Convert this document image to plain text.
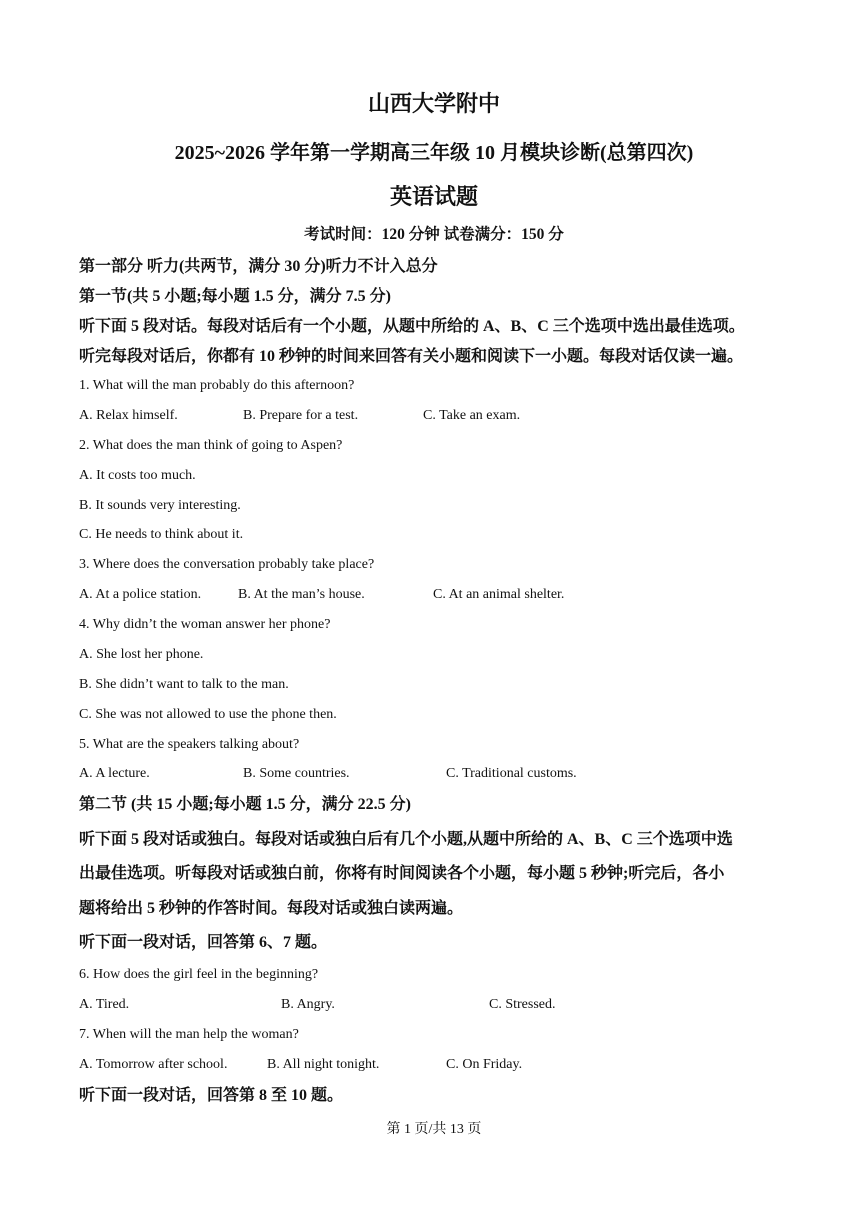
山西大学附中
2025~2026 学年第一学期高三年级 10 月模块诊断(总第四次)
英语试题
考试时间：120 分钟 试卷满分：150 分
第一部分 听力(共两节，满分 30 分)听力不计入总分
第一节(共 5 小题;每小题 1.5 分，满分 7.5 分)
听下面 5 段对话。每段对话后有一个小题，从题中所给的 A、B、C 三个选项中选出最佳选项。
听完每段对话后，你都有 10 秒钟的时间来回答有关小题和阅读下一小题。每段对话仅读一遍。
1. What will the man probably do this afternoon?
A. Relax himself.	B. Prepare for a test.	C. Take an exam.
2. What does the man think of going to Aspen?
A. It costs too much.
B. It sounds very interesting.
C. He needs to think about it.
3. Where does the conversation probably take place?
A. At a police station.	B. At the man’s house.	C. At an animal shelter.
4. Why didn’t the woman answer her phone?
A. She lost her phone.
B. She didn’t want to talk to the man.
C. She was not allowed to use the phone then.
5. What are the speakers talking about?
A. A lecture.	B. Some countries.	C. Traditional customs.
第二节 (共 15 小题;每小题 1.5 分，满分 22.5 分)
听下面 5 段对话或独白。每段对话或独白后有几个小题,从题中所给的 A、B、C 三个选项中选
出最佳选项。听每段对话或独白前，你将有时间阅读各个小题，每小题 5 秒钟;听完后，各小
题将给出 5 秒钟的作答时间。每段对话或独白读两遍。
听下面一段对话，回答第 6、7 题。
6. How does the girl feel in the beginning?
A. Tired.	B. Angry.	C. Stressed.
7. When will the man help the woman?
A. Tomorrow after school.	B. All night tonight.	C. On Friday.
听下面一段对话，回答第 8 至 10 题。
第 1 页/共 13 页
